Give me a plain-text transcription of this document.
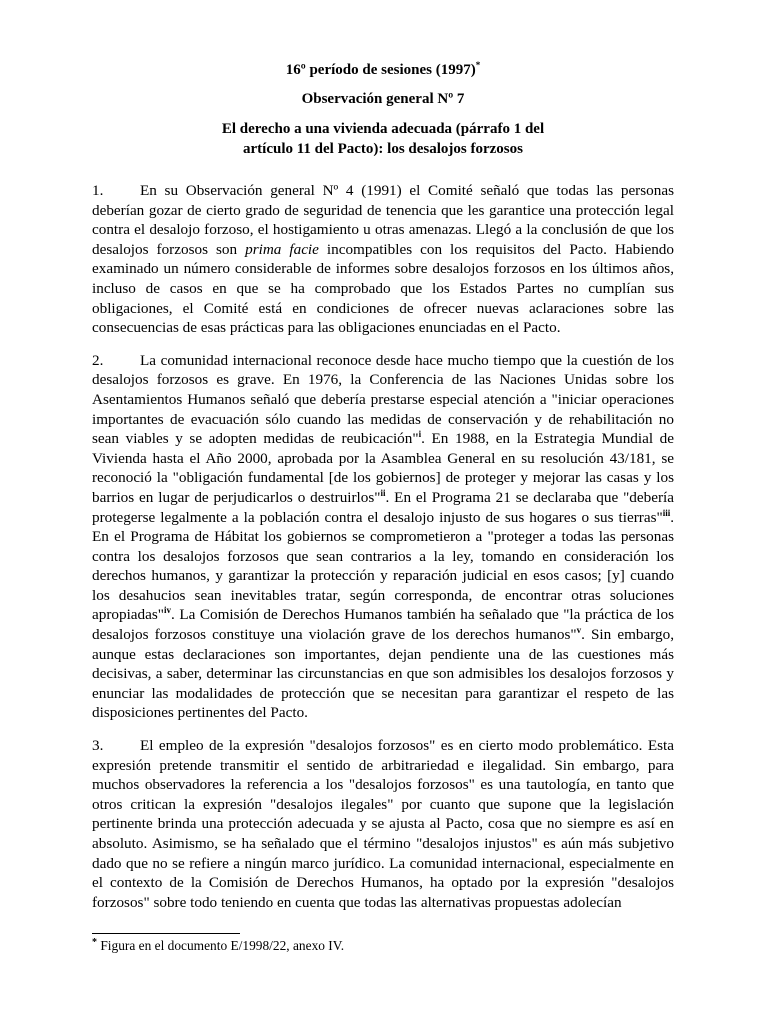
16º período de sesiones (1997)*
Observación general Nº 7
El derecho a una vivienda adecuada (párrafo 1 del
artículo 11 del Pacto): los desalojos forzosos

1. En su Observación general Nº 4 (1991) el Comité señaló que todas las personas deberían gozar de cierto grado de seguridad de tenencia que les garantice una protección legal contra el desalojo forzoso, el hostigamiento u otras amenazas. Llegó a la conclusión de que los desalojos forzosos son prima facie incompatibles con los requisitos del Pacto. Habiendo examinado un número considerable de informes sobre desalojos forzosos en los últimos años, incluso de casos en que se ha comprobado que los Estados Partes no cumplían sus obligaciones, el Comité está en condiciones de ofrecer nuevas aclaraciones sobre las consecuencias de esas prácticas para las obligaciones enunciadas en el Pacto.

2. La comunidad internacional reconoce desde hace mucho tiempo que la cuestión de los desalojos forzosos es grave. En 1976, la Conferencia de las Naciones Unidas sobre los Asentamientos Humanos señaló que debería prestarse especial atención a "iniciar operaciones importantes de evacuación sólo cuando las medidas de conservación y de rehabilitación no sean viables y se adopten medidas de reubicación"$^i$. En 1988, en la Estrategia Mundial de Vivienda hasta el Año 2000, aprobada por la Asamblea General en su resolución 43/181, se reconoció la "obligación fundamental [de los gobiernos] de proteger y mejorar las casas y los barrios en lugar de perjudicarlos o destruirlos"$^{ii}$. En el Programa 21 se declaraba que "debería protegerse legalmente a la población contra el desalojo injusto de sus hogares o sus tierras"$^{iii}$. En el Programa de Hábitat los gobiernos se comprometieron a "proteger a todas las personas contra los desalojos forzosos que sean contrarios a la ley, tomando en consideración los derechos humanos, y garantizar la protección y reparación judicial en esos casos; [y] cuando los desahucios sean inevitables tratar, según corresponda, de encontrar otras soluciones apropiadas"$^{iv}$. La Comisión de Derechos Humanos también ha señalado que "la práctica de los desalojos forzosos constituye una violación grave de los derechos humanos"$^v$. Sin embargo, aunque estas declaraciones son importantes, dejan pendiente una de las cuestiones más decisivas, a saber, determinar las circunstancias en que son admisibles los desalojos forzosos y enunciar las modalidades de protección que se necesitan para garantizar el respeto de las disposiciones pertinentes del Pacto.

3. El empleo de la expresión "desalojos forzosos" es en cierto modo problemático. Esta expresión pretende transmitir el sentido de arbitrariedad e ilegalidad. Sin embargo, para muchos observadores la referencia a los "desalojos forzosos" es una tautología, en tanto que otros critican la expresión "desalojos ilegales" por cuanto que supone que la legislación pertinente brinda una protección adecuada y se ajusta al Pacto, cosa que no siempre es así en absoluto. Asimismo, se ha señalado que el término "desalojos injustos" es aún más subjetivo dado que no se refiere a ningún marco jurídico. La comunidad internacional, especialmente en el contexto de la Comisión de Derechos Humanos, ha optado por la expresión "desalojos forzosos" sobre todo teniendo en cuenta que todas las alternativas propuestas adolecían

* Figura en el documento E/1998/22, anexo IV.
